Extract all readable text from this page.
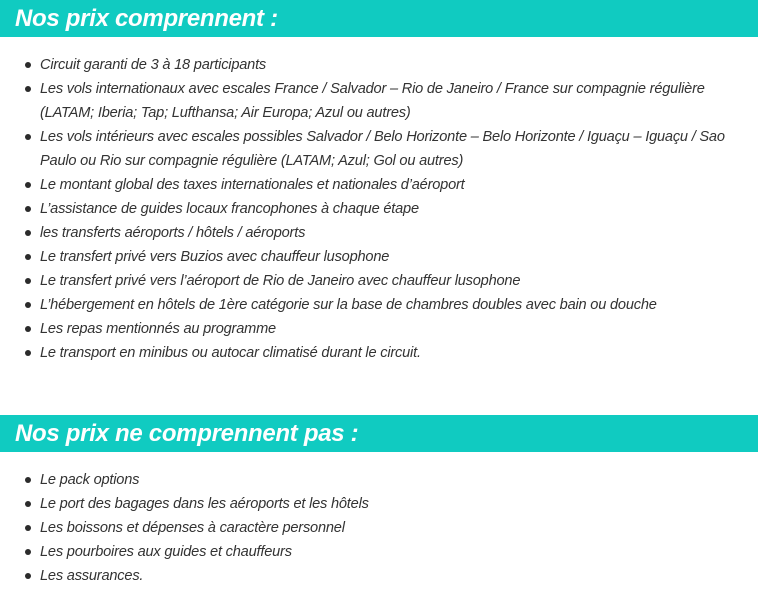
Nos prix comprennent :
Circuit garanti de 3 à 18 participants
Les vols internationaux avec escales France / Salvador – Rio de Janeiro / France sur compagnie régulière (LATAM; Iberia; Tap; Lufthansa; Air Europa; Azul ou autres)
Les vols intérieurs avec escales possibles Salvador / Belo Horizonte – Belo Horizonte / Iguaçu – Iguaçu / Sao Paulo ou Rio sur compagnie régulière (LATAM; Azul; Gol ou autres)
Le montant global des taxes internationales et nationales d’aéroport
L’assistance de guides locaux francophones à chaque étape
les transferts aéroports / hôtels / aéroports
Le transfert privé vers Buzios avec chauffeur lusophone
Le transfert privé vers l’aéroport de Rio de Janeiro avec chauffeur lusophone
L’hébergement en hôtels de 1ère catégorie sur la base de chambres doubles avec bain ou douche
Les repas mentionnés au programme
Le transport en minibus ou autocar climatisé durant le circuit.
Nos prix ne comprennent pas :
Le pack options
Le port des bagages dans les aéroports et les hôtels
Les boissons et dépenses à caractère personnel
Les pourboires aux guides et chauffeurs
Les assurances.
